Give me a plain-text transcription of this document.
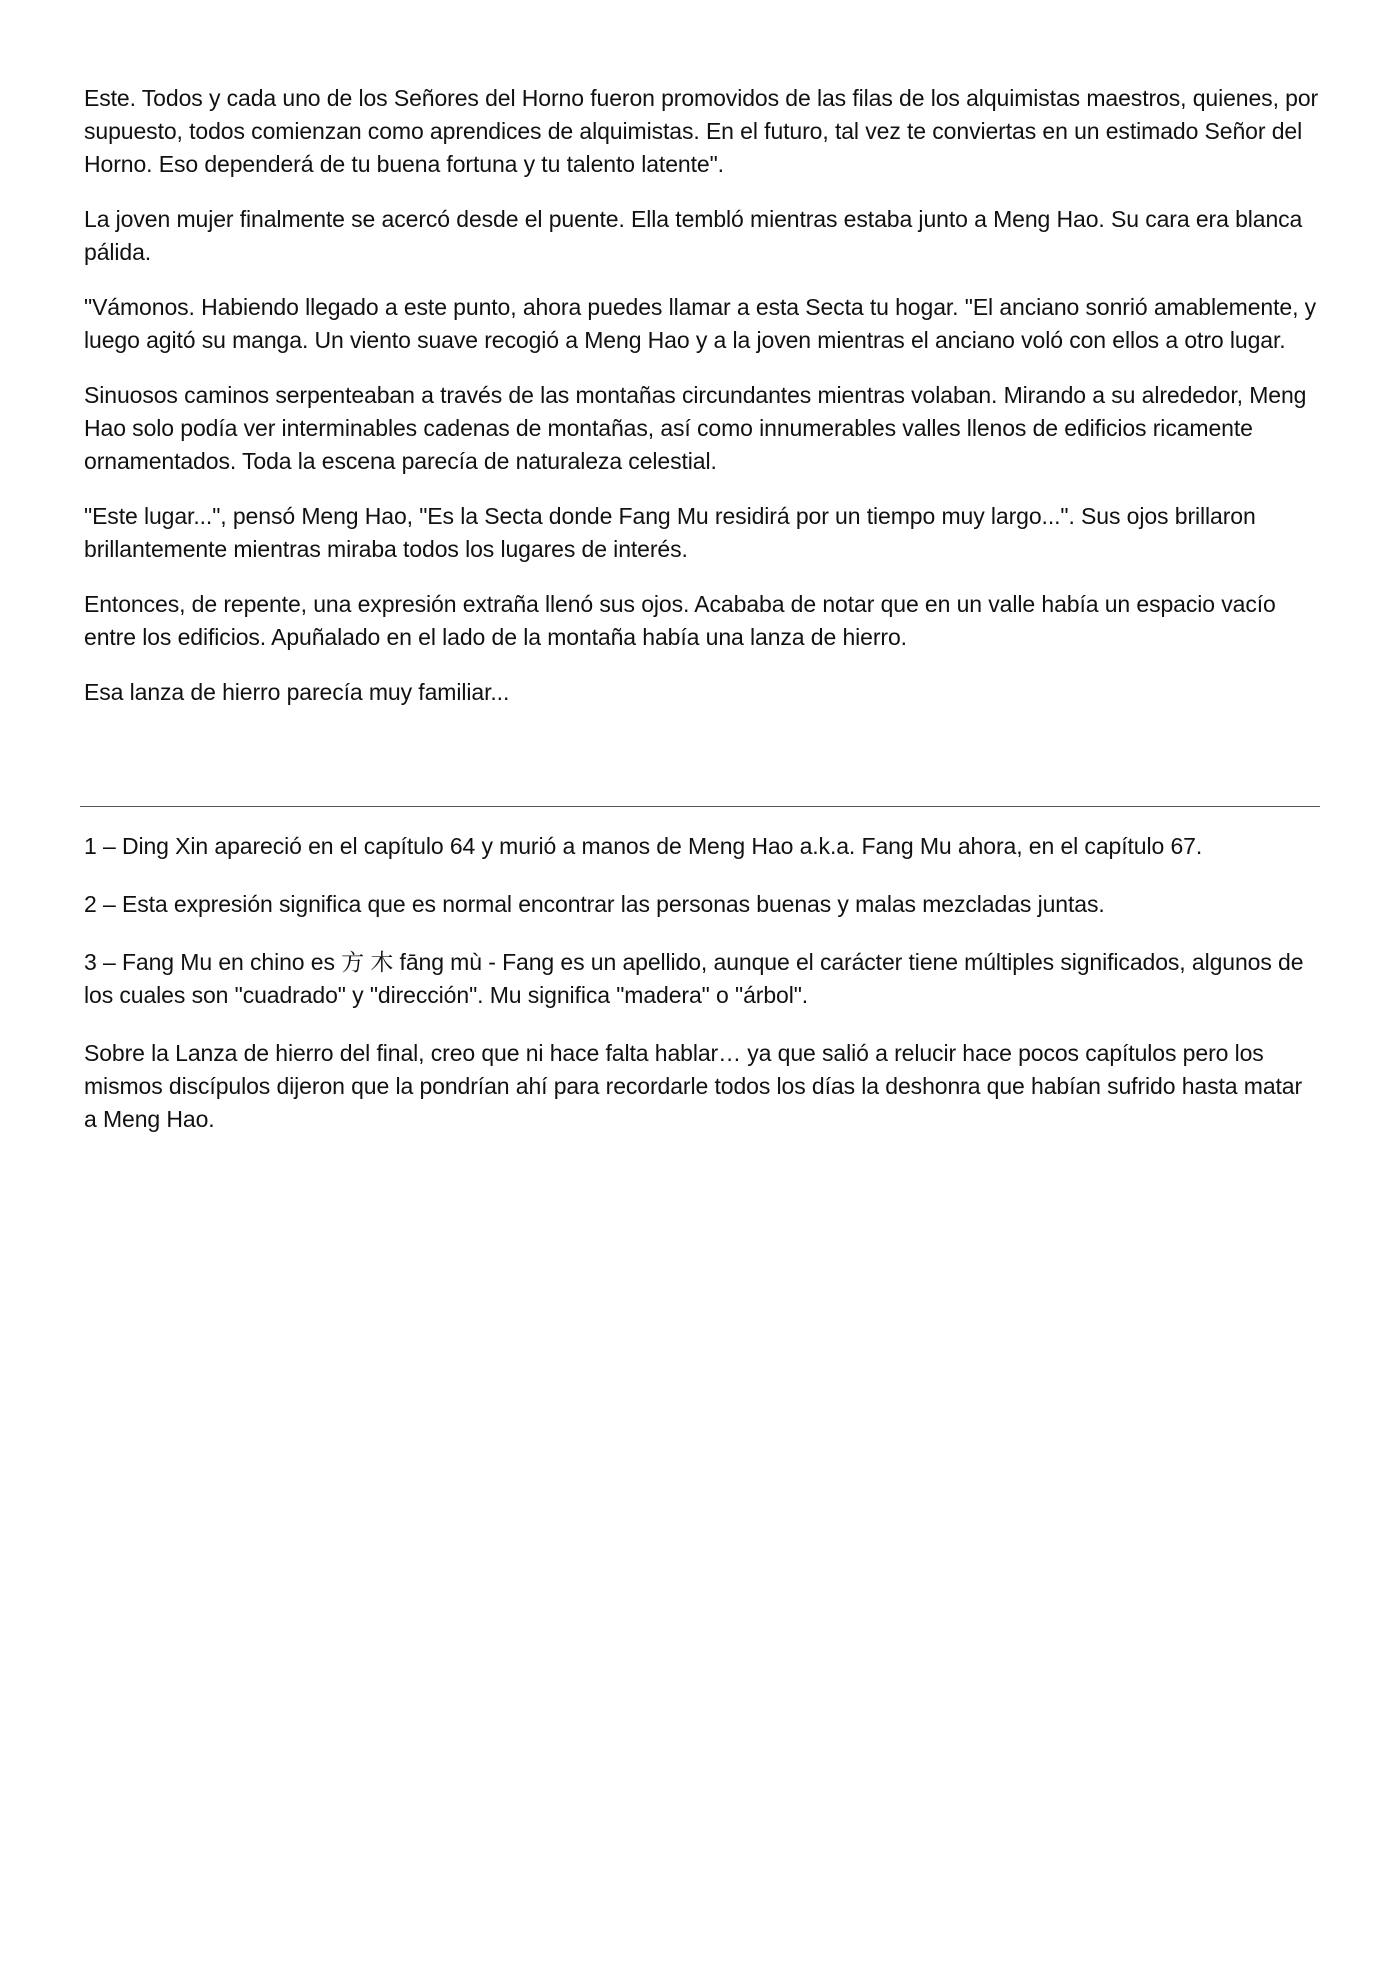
Este. Todos y cada uno de los Señores del Horno fueron promovidos de las filas de los alquimistas maestros, quienes, por supuesto, todos comienzan como aprendices de alquimistas. En el futuro, tal vez te conviertas en un estimado Señor del Horno. Eso dependerá de tu buena fortuna y tu talento latente".

La joven mujer finalmente se acercó desde el puente. Ella tembló mientras estaba junto a Meng Hao. Su cara era blanca pálida.

"Vámonos. Habiendo llegado a este punto, ahora puedes llamar a esta Secta tu hogar. "El anciano sonrió amablemente, y luego agitó su manga. Un viento suave recogió a Meng Hao y a la joven mientras el anciano voló con ellos a otro lugar.

Sinuosos caminos serpenteaban a través de las montañas circundantes mientras volaban. Mirando a su alrededor, Meng Hao solo podía ver interminables cadenas de montañas, así como innumerables valles llenos de edificios ricamente ornamentados. Toda la escena parecía de naturaleza celestial.

"Este lugar...", pensó Meng Hao, "Es la Secta donde Fang Mu residirá por un tiempo muy largo...". Sus ojos brillaron brillantemente mientras miraba todos los lugares de interés.

Entonces, de repente, una expresión extraña llenó sus ojos. Acababa de notar que en un valle había un espacio vacío entre los edificios. Apuñalado en el lado de la montaña había una lanza de hierro.

Esa lanza de hierro parecía muy familiar...

1 – Ding Xin apareció en el capítulo 64 y murió a manos de Meng Hao a.k.a. Fang Mu ahora, en el capítulo 67.

2 – Esta expresión significa que es normal encontrar las personas buenas y malas mezcladas juntas.

3 – Fang Mu en chino es 方 木 fāng mù - Fang es un apellido, aunque el carácter tiene múltiples significados, algunos de los cuales son "cuadrado" y "dirección". Mu significa "madera" o "árbol".

Sobre la Lanza de hierro del final, creo que ni hace falta hablar… ya que salió a relucir hace pocos capítulos pero los mismos discípulos dijeron que la pondrían ahí para recordarle todos los días la deshonra que habían sufrido hasta matar a Meng Hao.
